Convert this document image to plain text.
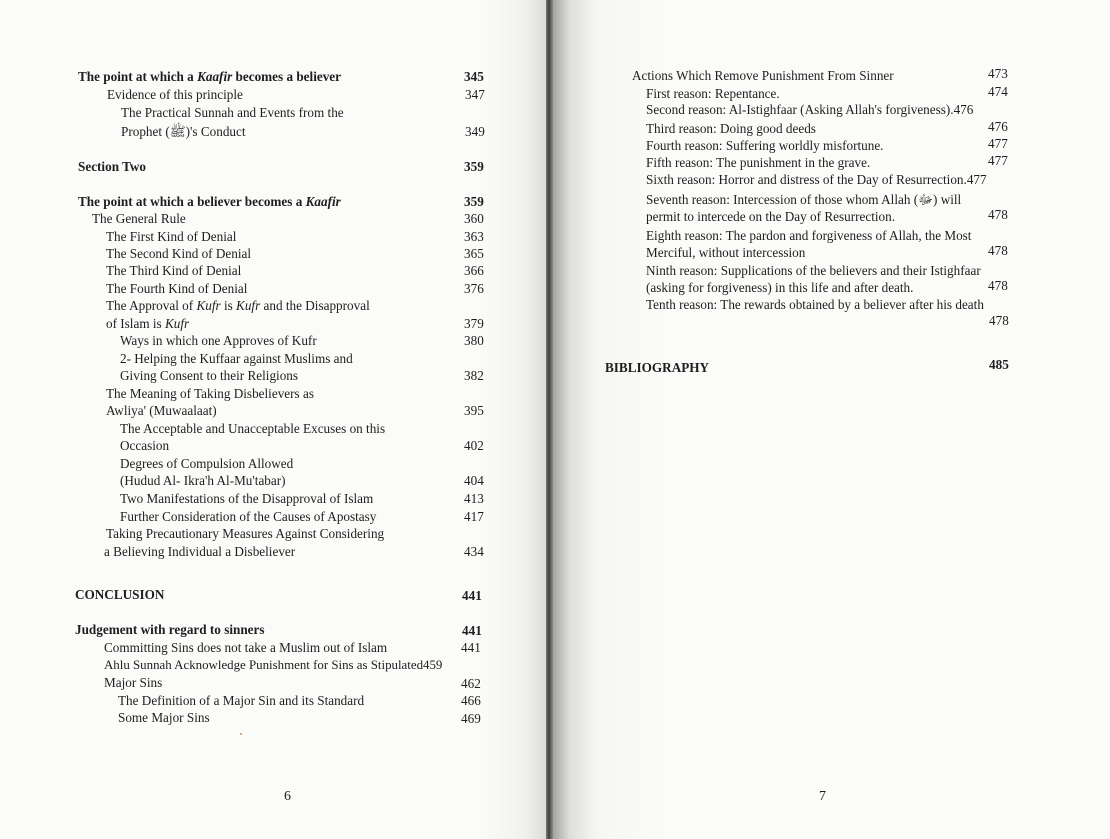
The point at which a Kaafir becomes a believer	345
Evidence of this principle	347
The Practical Sunnah and Events from the
Prophet (ﷺ)'s Conduct	349
Section Two	359
The point at which a believer becomes a Kaafir	359
The General Rule	360
The First Kind of Denial	363
The Second Kind of Denial	365
The Third Kind of Denial	366
The Fourth Kind of Denial	376
The Approval of Kufr is Kufr and the Disapproval
of Islam is Kufr	379
Ways in which one Approves of Kufr	380
2- Helping the Kuffaar against Muslims and
Giving Consent to their Religions	382
The Meaning of Taking Disbelievers as
Awliya' (Muwaalaat)	395
The Acceptable and Unacceptable Excuses on this
Occasion	402
Degrees of Compulsion Allowed
(Hudud Al- Ikra'h Al-Mu'tabar)	404
Two Manifestations of the Disapproval of Islam	413
Further Consideration of the Causes of Apostasy	417
Taking Precautionary Measures Against Considering
a Believing Individual a Disbeliever	434
CONCLUSION	441
Judgement with regard to sinners	441
Committing Sins does not take a Muslim out of Islam	441
Ahlu Sunnah Acknowledge Punishment for Sins as Stipulated459
Major Sins	462
The Definition of a Major Sin and its Standard	466
Some Major Sins	469
6
Actions Which Remove Punishment From Sinner	473
First reason: Repentance.	474
Second reason: Al-Istighfaar (Asking Allah's forgiveness).476
Third reason: Doing good deeds	476
Fourth reason: Suffering worldly misfortune.	477
Fifth reason: The punishment in the grave.	477
Sixth reason: Horror and distress of the Day of Resurrection.477
Seventh reason: Intercession of those whom Allah (ﷻ) will
permit to intercede on the Day of Resurrection.	478
Eighth reason: The pardon and forgiveness of Allah, the Most
Merciful, without intercession	478
Ninth reason: Supplications of the believers and their Istighfaar
(asking for forgiveness) in this life and after death.	478
Tenth reason: The rewards obtained by a believer after his death
478
BIBLIOGRAPHY	485
7
